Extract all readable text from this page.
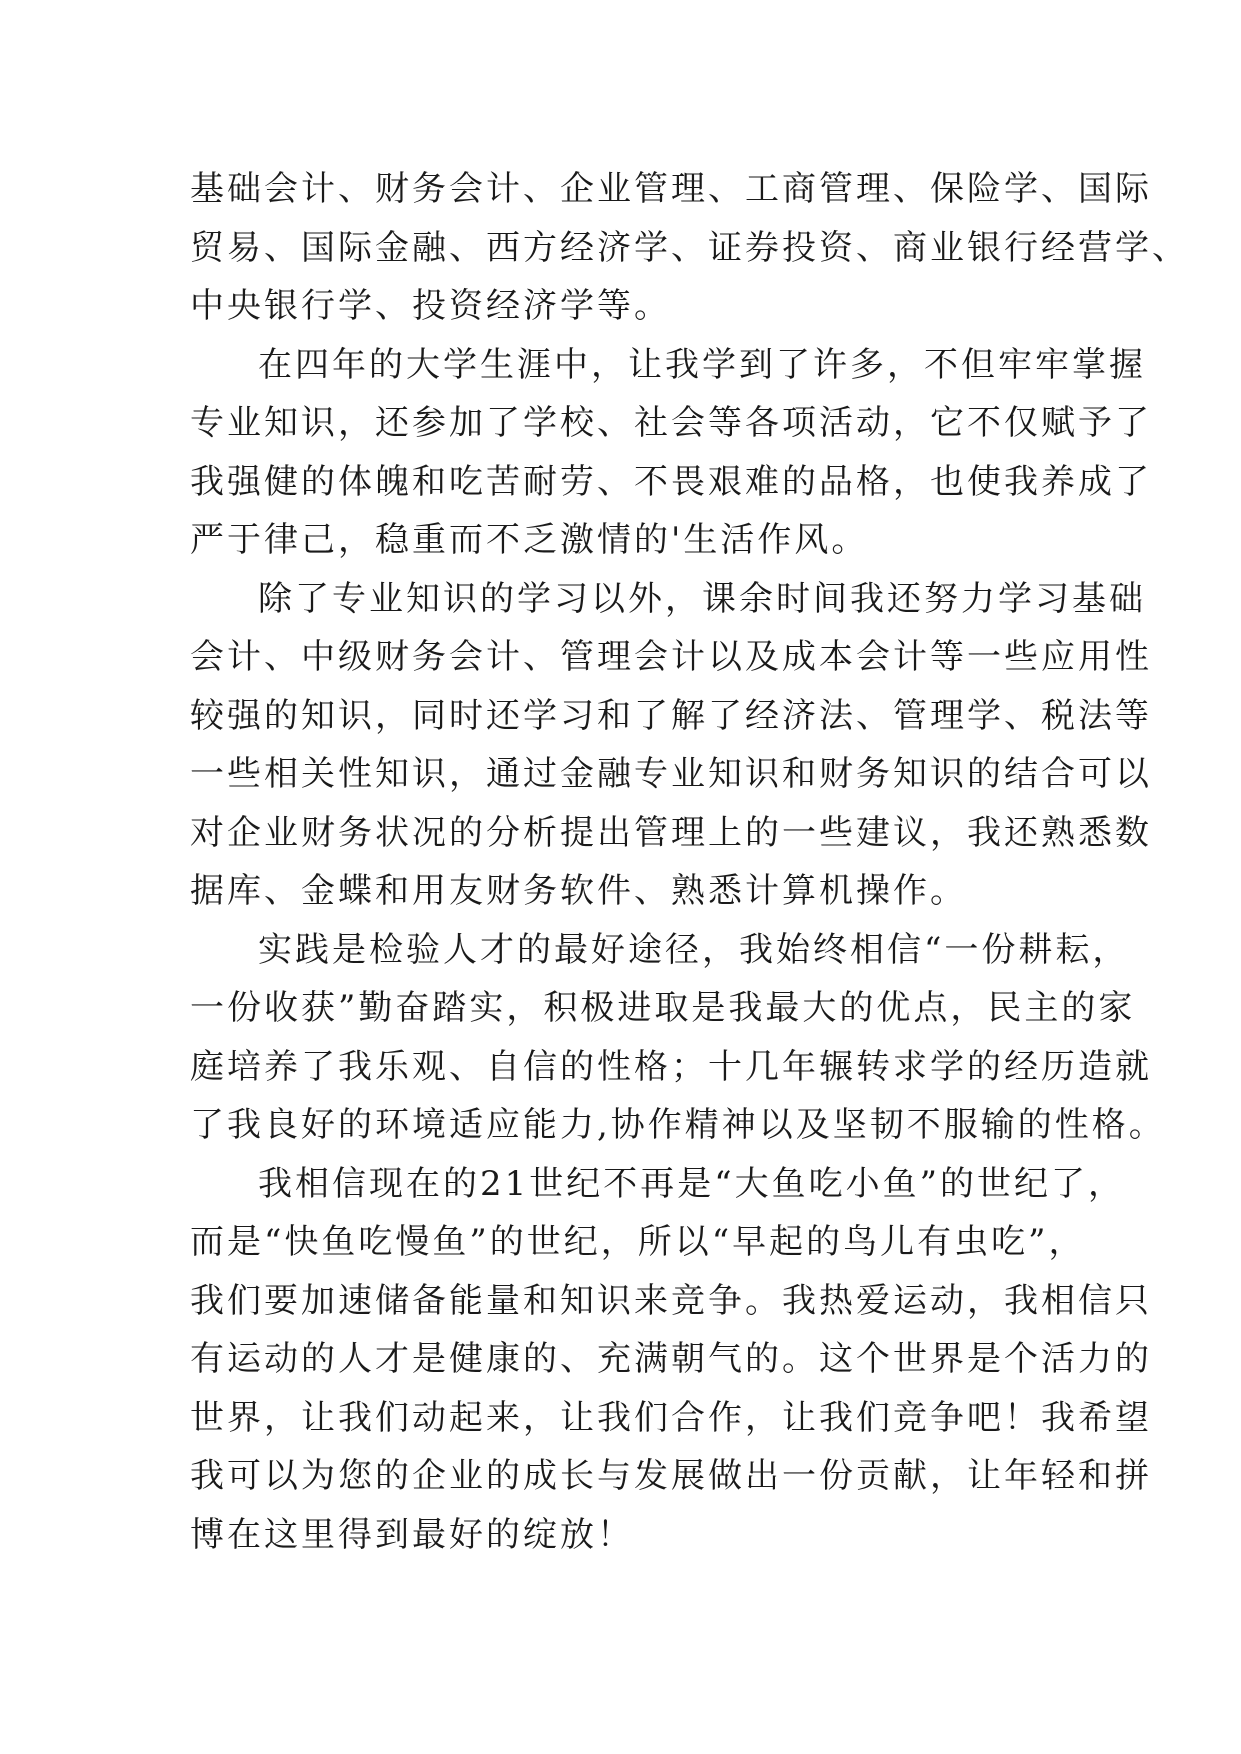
基础会计、财务会计、企业管理、工商管理、保险学、国际
贸易、国际金融、西方经济学、证券投资、商业银行经营学、
中央银行学、投资经济学等。
在四年的大学生涯中，让我学到了许多，不但牢牢掌握
专业知识，还参加了学校、社会等各项活动，它不仅赋予了
我强健的体魄和吃苦耐劳、不畏艰难的品格，也使我养成了
严于律己，稳重而不乏激情的'生活作风。
除了专业知识的学习以外，课余时间我还努力学习基础
会计、中级财务会计、管理会计以及成本会计等一些应用性
较强的知识，同时还学习和了解了经济法、管理学、税法等
一些相关性知识，通过金融专业知识和财务知识的结合可以
对企业财务状况的分析提出管理上的一些建议，我还熟悉数
据库、金蝶和用友财务软件、熟悉计算机操作。
实践是检验人才的最好途径，我始终相信“一份耕耘，
一份收获”勤奋踏实，积极进取是我最大的优点，民主的家
庭培养了我乐观、自信的性格；十几年辗转求学的经历造就
了我良好的环境适应能力,协作精神以及坚韧不服输的性格。
我相信现在的21世纪不再是“大鱼吃小鱼”的世纪了，
而是“快鱼吃慢鱼”的世纪，所以“早起的鸟儿有虫吃”，
我们要加速储备能量和知识来竞争。我热爱运动，我相信只
有运动的人才是健康的、充满朝气的。这个世界是个活力的
世界，让我们动起来，让我们合作，让我们竞争吧！我希望
我可以为您的企业的成长与发展做出一份贡献，让年轻和拼
博在这里得到最好的绽放！
